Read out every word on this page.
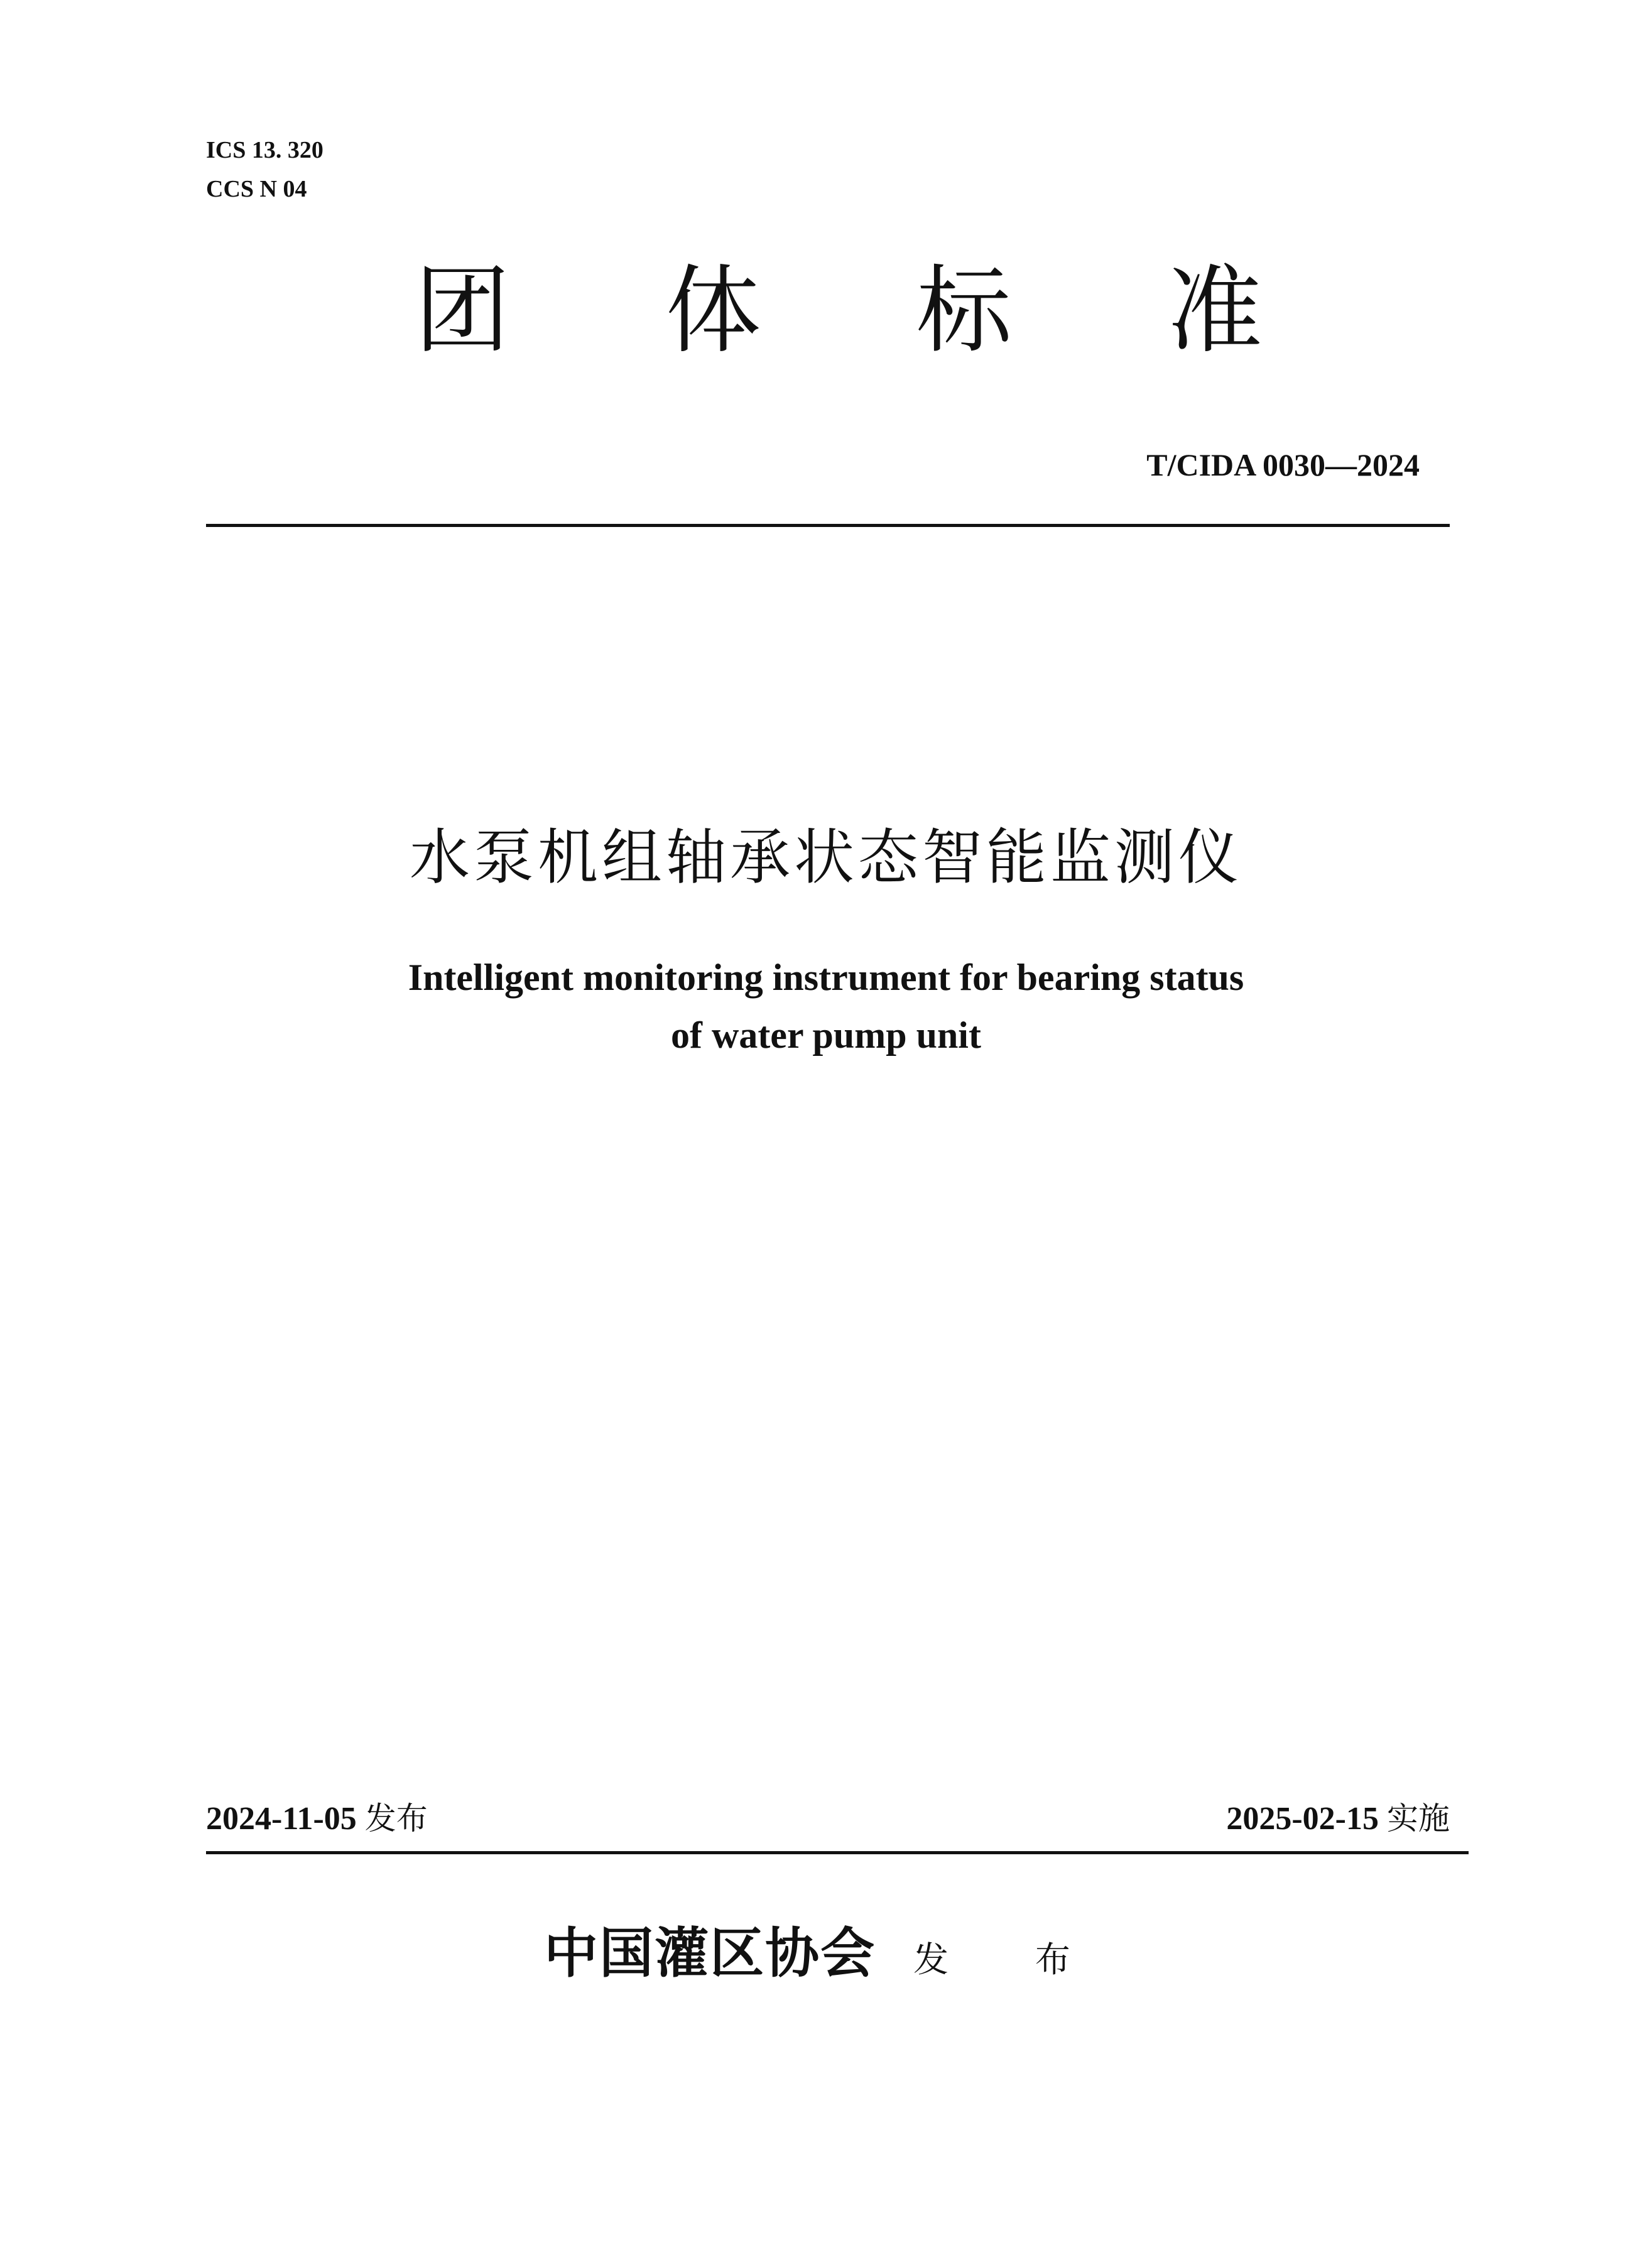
ICS 13. 320
CCS N 04
团 体 标 准
T/CIDA 0030—2024
水泵机组轴承状态智能监测仪
Intelligent monitoring instrument for bearing status
of water pump unit
2024-11-05 发布	2025-02-15 实施
中国灌区协会 发 布
